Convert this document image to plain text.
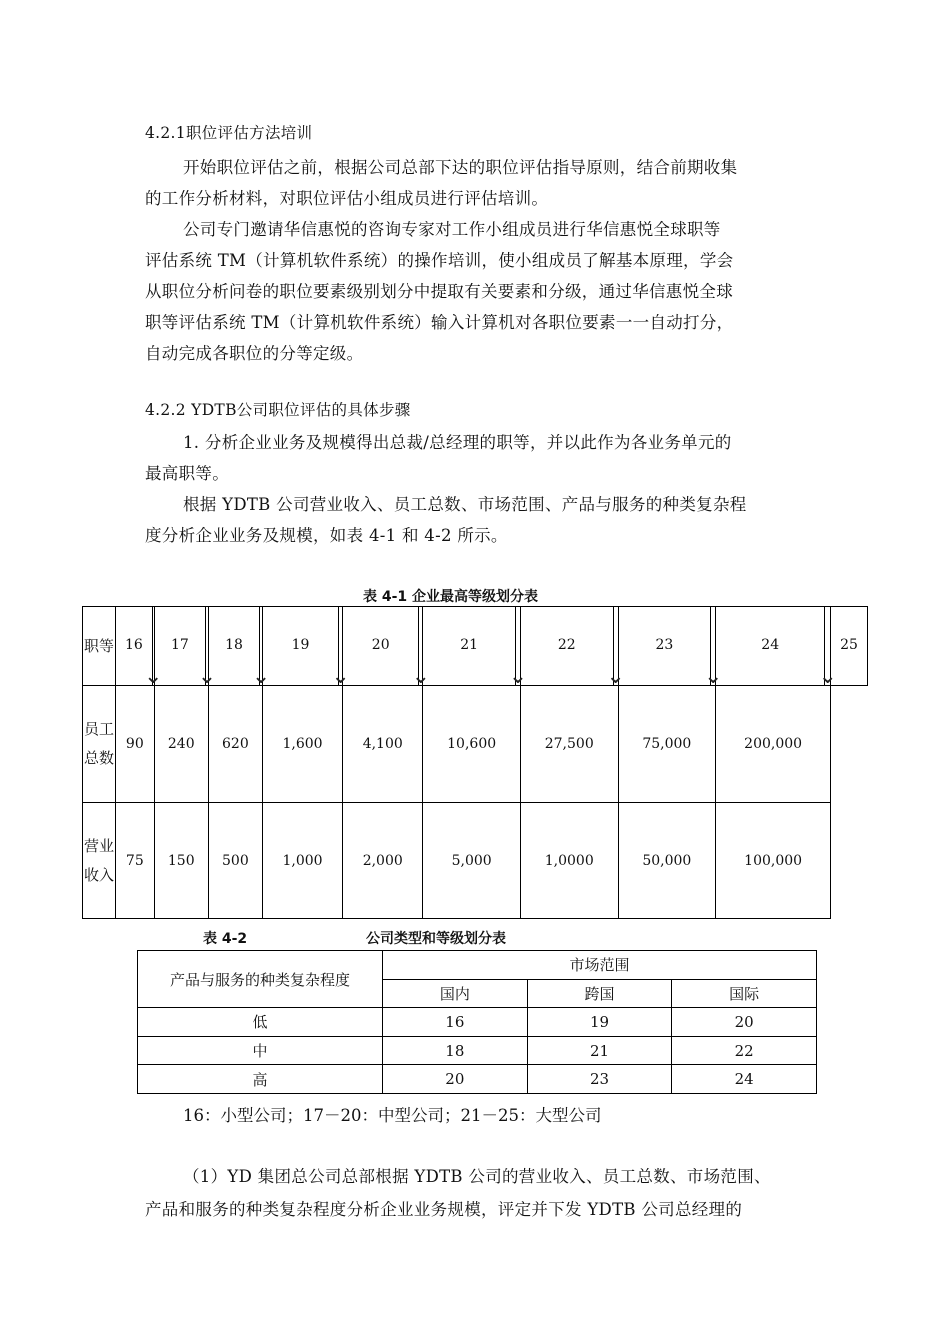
4.2.1职位评估方法培训
开始职位评估之前，根据公司总部下达的职位评估指导原则，结合前期收集
的工作分析材料，对职位评估小组成员进行评估培训。
公司专门邀请华信惠悦的咨询专家对工作小组成员进行华信惠悦全球职等
评估系统 TM（计算机软件系统）的操作培训，使小组成员了解基本原理，学会
从职位分析问卷的职位要素级别划分中提取有关要素和分级，通过华信惠悦全球
职等评估系统 TM（计算机软件系统）输入计算机对各职位要素一一自动打分，
自动完成各职位的分等定级。
4.2.2 YDTB公司职位评估的具体步骤
1. 分析企业业务及规模得出总裁/总经理的职等，并以此作为各业务单元的
最高职等。
根据 YDTB 公司营业收入、员工总数、市场范围、产品与服务的种类复杂程
度分析企业业务及规模，如表 4-1 和 4-2 所示。
表 4-1 企业最高等级划分表
职等	16	⌄	17	⌄	18	⌄	19	⌄	20	⌄	21	⌄	22	⌄	23	⌄	24	⌄	25
员工总数	90		240		620		1,600		4,100		10,600		27,500		75,000		200,000		
营业收入	75		150		500		1,000		2,000		5,000		1,0000		50,000		100,000		
表 4-2	公司类型和等级划分表
产品与服务的种类复杂程度	市场范围		
	国内	跨国	国际
低	16	19	20
中	18	21	22
高	20	23	24
16：小型公司；17－20：中型公司；21－25：大型公司
（1）YD 集团总公司总部根据 YDTB 公司的营业收入、员工总数、市场范围、
产品和服务的种类复杂程度分析企业业务规模，评定并下发 YDTB 公司总经理的
